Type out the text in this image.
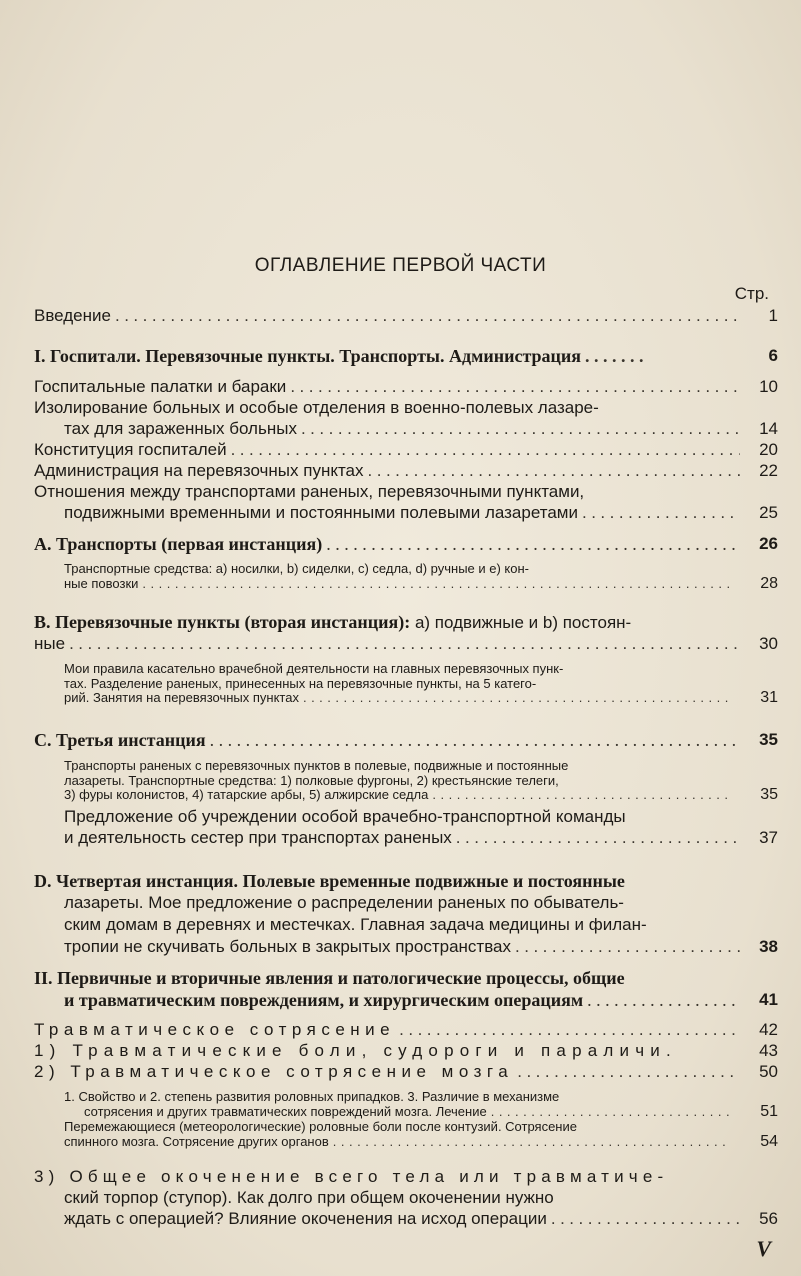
ОГЛАВЛЕНИЕ ПЕРВОЙ ЧАСТИ
Стр.
Введение .....	1
I. Госпитали. Перевязочные пункты. Транспорты. Администрация .....	6
Госпитальные палатки и бараки .....	10
Изолирование больных и особые отделения в военно-полевых лазаре-
тах для зараженных больных .....	14
Конституция госпиталей .....	20
Администрация на перевязочных пунктах .....	22
Отношения между транспортами раненых, перевязочными пунктами,
подвижными временными и постоянными полевыми лазаретами .....	25
А. Транспорты (первая инстанция) .....	26
Транспортные средства: а) носилки, b) сиделки, с) седла, d) ручные и е) кон-
ные повозки .....	28
В. Перевязочные пункты (вторая инстанция): а) подвижные и b) постоян-
ные .....	30
Мои правила касательно врачебной деятельности на главных перевязочных пунк-
тах. Разделение раненых, принесенных на перевязочные пункты, на 5 катего-
рий. Занятия на перевязочных пунктах .....	31
С. Третья инстанция .....	35
Транспорты раненых с перевязочных пунктов в полевые, подвижные и постоянные
лазареты. Транспортные средства: 1) полковые фургоны, 2) крестьянские телеги,
3) фуры колонистов, 4) татарские арбы, 5) алжирские седла .....	35
Предложение об учреждении особой врачебно-транспортной команды
и деятельность сестер при транспортах раненых .....	37
D. Четвертая инстанция. Полевые временные подвижные и постоянные
лазареты. Мое предложение о распределении раненых по обыватель-
ским домам в деревнях и местечках. Главная задача медицины и филан-
тропии не скучивать больных в закрытых пространствах .....	38
II. Первичные и вторичные явления и патологические процессы, общие
и травматическим повреждениям, и хирургическим операциям .....	41
Травматическое сотрясение .....	42
1) Травматические боли, судороги и параличи.	43
2) Травматическое сотрясение мозга .....	50
1. Свойство и 2. степень развития роловных припадков. 3. Различие в механизме
сотрясения и других травматических повреждений мозга. Лечение .....	51
Перемежающиеся (метеорологические) роловные боли после контузий. Сотрясение
спинного мозга. Сотрясение других органов .....	54
3) Общее окоченение всего тела или травматиче-
ский торпор (ступор). Как долго при общем окоченении нужно
ждать с операцией? Влияние окоченения на исход операции .....	56
V
